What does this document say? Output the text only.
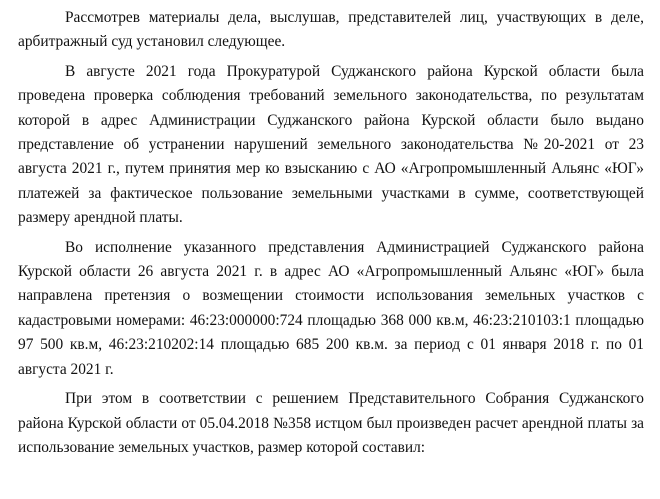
Рассмотрев материалы дела, выслушав, представителей лиц, участвующих в деле, арбитражный суд установил следующее.

В августе 2021 года Прокуратурой Суджанского района Курской области была проведена проверка соблюдения требований земельного законодательства, по результатам которой в адрес Администрации Суджанского района Курской области было выдано представление об устранении нарушений земельного законодательства №20-2021 от 23 августа 2021 г., путем принятия мер ко взысканию с АО «Агропромышленный Альянс «ЮГ» платежей за фактическое пользование земельными участками в сумме, соответствующей размеру арендной платы.

Во исполнение указанного представления Администрацией Суджанского района Курской области 26 августа 2021 г. в адрес АО «Агропромышленный Альянс «ЮГ» была направлена претензия о возмещении стоимости использования земельных участков с кадастровыми номерами: 46:23:000000:724 площадью 368 000 кв.м, 46:23:210103:1 площадью 97 500 кв.м, 46:23:210202:14 площадью 685 200 кв.м. за период с 01 января 2018 г. по 01 августа 2021 г.

При этом в соответствии с решением Представительного Собрания Суджанского района Курской области от 05.04.2018 №358 истцом был произведен расчет арендной платы за использование земельных участков, размер которой составил:
